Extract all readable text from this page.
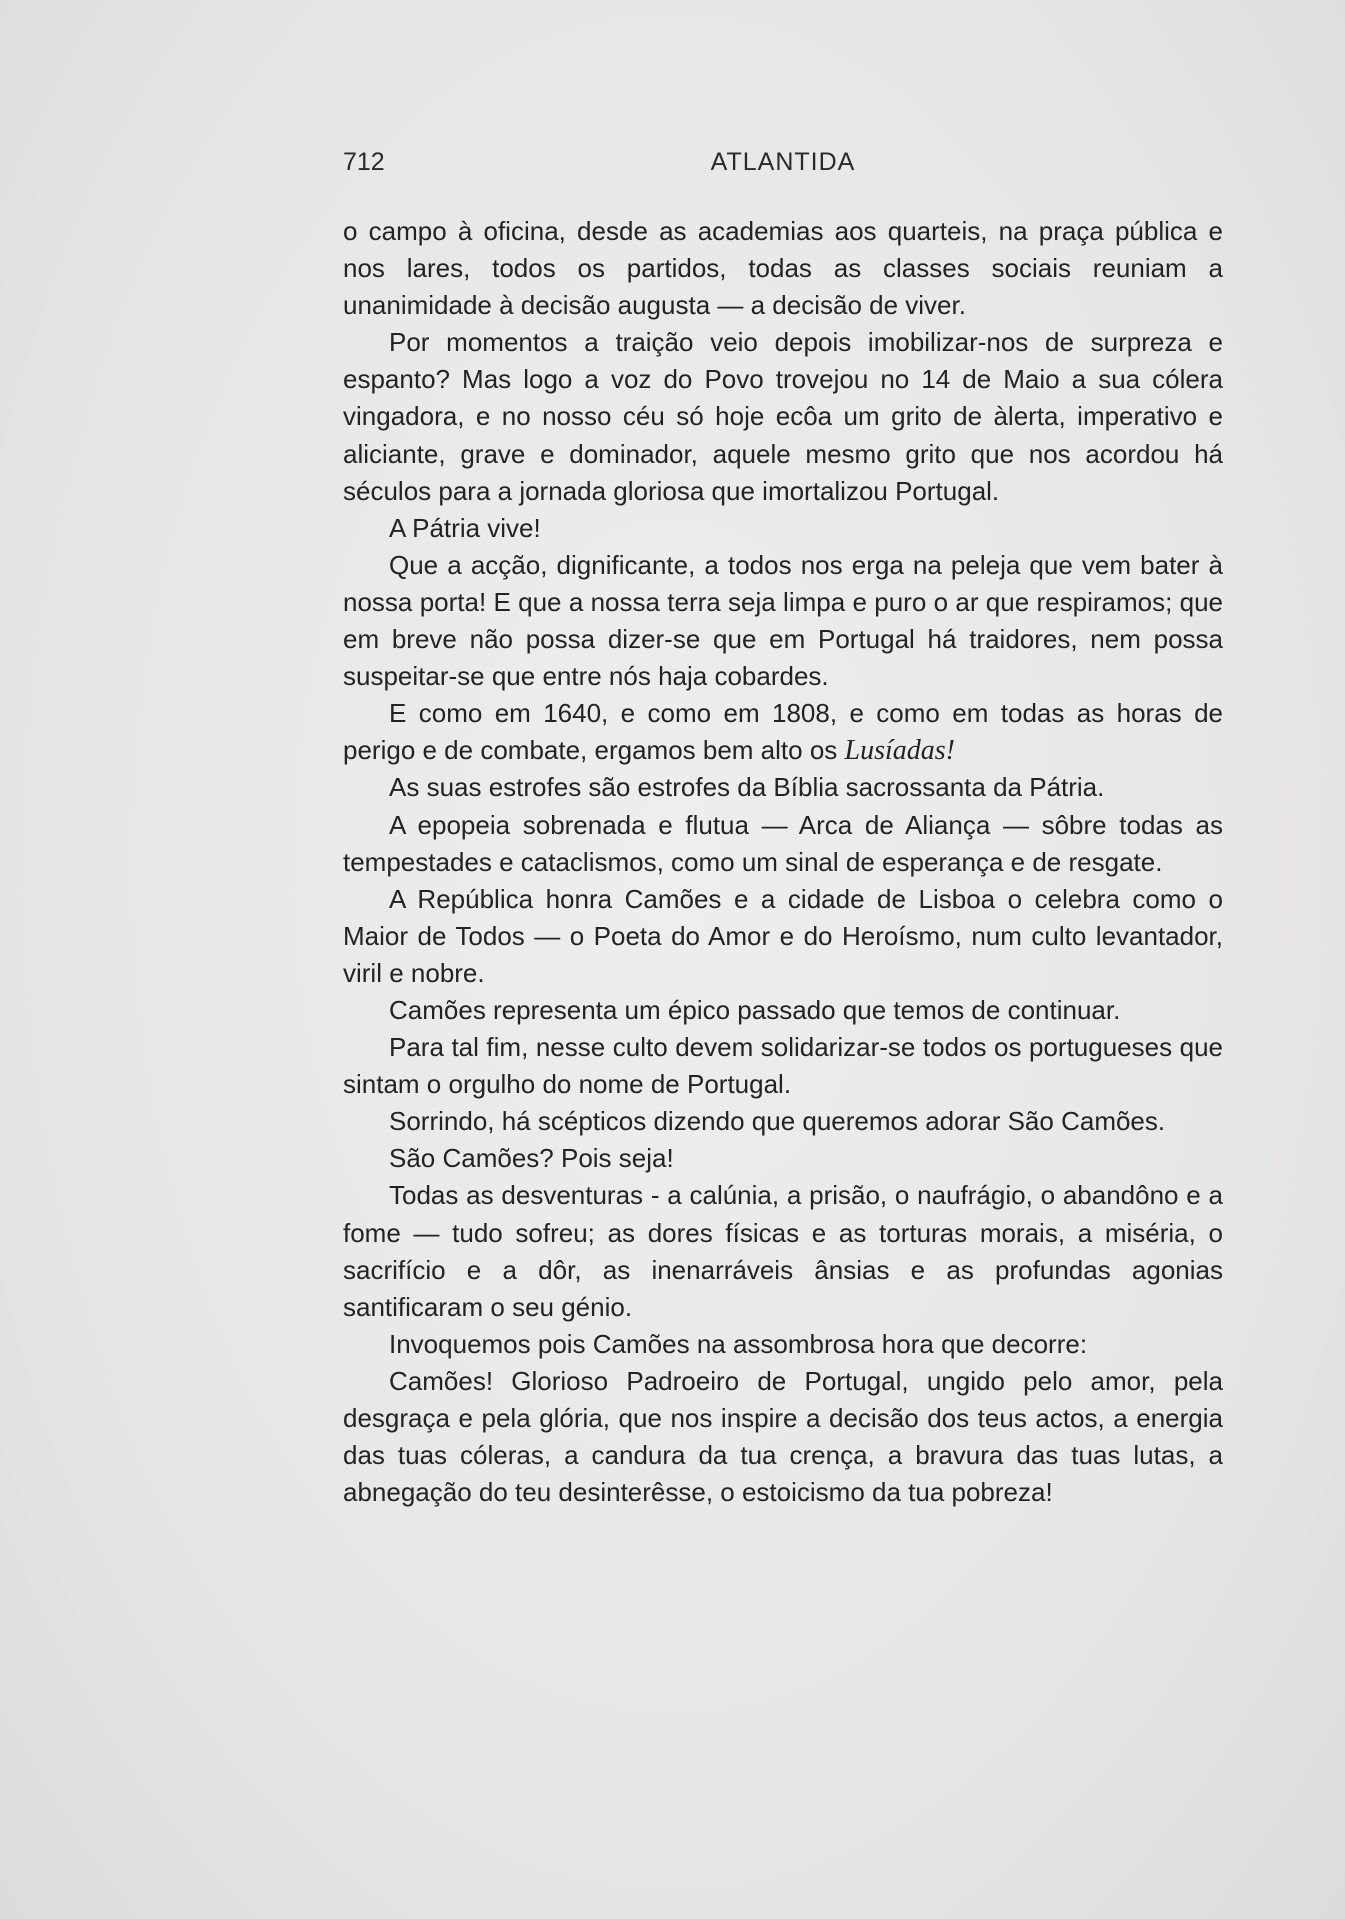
712	ATLANTIDA

o campo à oficina, desde as academias aos quarteis, na praça pública e nos lares, todos os partidos, todas as classes sociais reuniam a unanimidade à decisão augusta — a decisão de viver.

Por momentos a traição veio depois imobilizar-nos de surpreza e espanto? Mas logo a voz do Povo trovejou no 14 de Maio a sua cólera vingadora, e no nosso céu só hoje ecôa um grito de àlerta, imperativo e aliciante, grave e dominador, aquele mesmo grito que nos acordou há séculos para a jornada gloriosa que imortalizou Portugal.

A Pátria vive!

Que a acção, dignificante, a todos nos erga na peleja que vem bater à nossa porta! E que a nossa terra seja limpa e puro o ar que respiramos; que em breve não possa dizer-se que em Portugal há traidores, nem possa suspeitar-se que entre nós haja cobardes.

E como em 1640, e como em 1808, e como em todas as horas de perigo e de combate, ergamos bem alto os Lusíadas!

As suas estrofes são estrofes da Bíblia sacrossanta da Pátria.

A epopeia sobrenada e flutua — Arca de Aliança — sôbre todas as tempestades e cataclismos, como um sinal de esperança e de resgate.

A República honra Camões e a cidade de Lisboa o celebra como o Maior de Todos — o Poeta do Amor e do Heroísmo, num culto levantador, viril e nobre.

Camões representa um épico passado que temos de continuar.

Para tal fim, nesse culto devem solidarizar-se todos os portugueses que sintam o orgulho do nome de Portugal.

Sorrindo, há scépticos dizendo que queremos adorar São Camões.

São Camões? Pois seja!

Todas as desventuras - a calúnia, a prisão, o naufrágio, o abandôno e a fome — tudo sofreu; as dores físicas e as torturas morais, a miséria, o sacrifício e a dôr, as inenarráveis ânsias e as profundas agonias santificaram o seu génio.

Invoquemos pois Camões na assombrosa hora que decorre:

Camões! Glorioso Padroeiro de Portugal, ungido pelo amor, pela desgraça e pela glória, que nos inspire a decisão dos teus actos, a energia das tuas cóleras, a candura da tua crença, a bravura das tuas lutas, a abnegação do teu desinterêsse, o estoicismo da tua pobreza!
